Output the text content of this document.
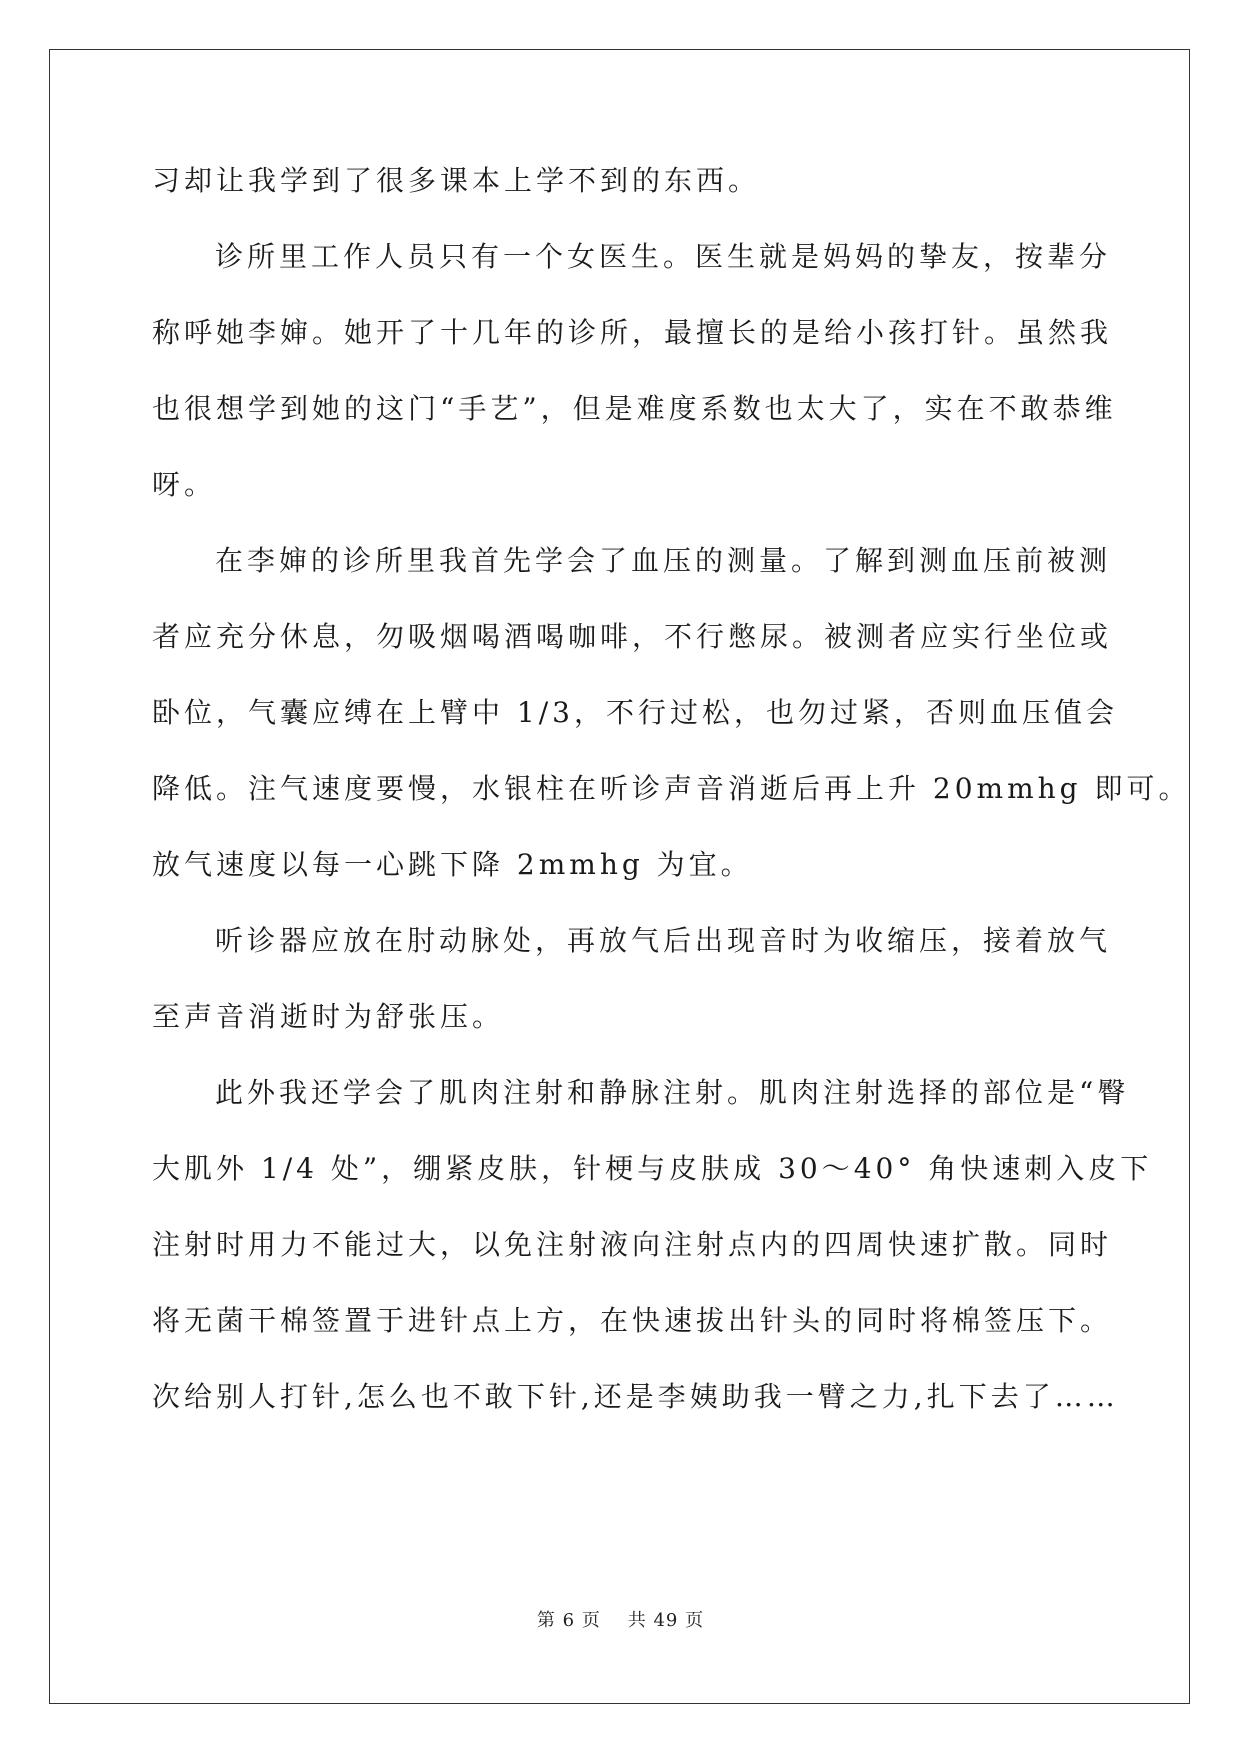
习却让我学到了很多课本上学不到的东西。
诊所里工作人员只有一个女医生。医生就是妈妈的挚友，按辈分
称呼她李婶。她开了十几年的诊所，最擅长的是给小孩打针。虽然我
也很想学到她的这门“手艺”，但是难度系数也太大了，实在不敢恭维
呀。
在李婶的诊所里我首先学会了血压的测量。了解到测血压前被测
者应充分休息，勿吸烟喝酒喝咖啡，不行憋尿。被测者应实行坐位或
卧位，气囊应缚在上臂中 1/3，不行过松，也勿过紧，否则血压值会
降低。注气速度要慢，水银柱在听诊声音消逝后再上升 20mmhg 即可。
放气速度以每一心跳下降 2mmhg 为宜。
听诊器应放在肘动脉处，再放气后出现音时为收缩压，接着放气
至声音消逝时为舒张压。
此外我还学会了肌肉注射和静脉注射。肌肉注射选择的部位是“臀
大肌外 1/4 处”，绷紧皮肤，针梗与皮肤成 30～40° 角快速刺入皮下
注射时用力不能过大，以免注射液向注射点内的四周快速扩散。同时
将无菌干棉签置于进针点上方，在快速拔出针头的同时将棉签压下。
次给别人打针,怎么也不敢下针,还是李姨助我一臂之力,扎下去了……
第 6 页 共 49 页
